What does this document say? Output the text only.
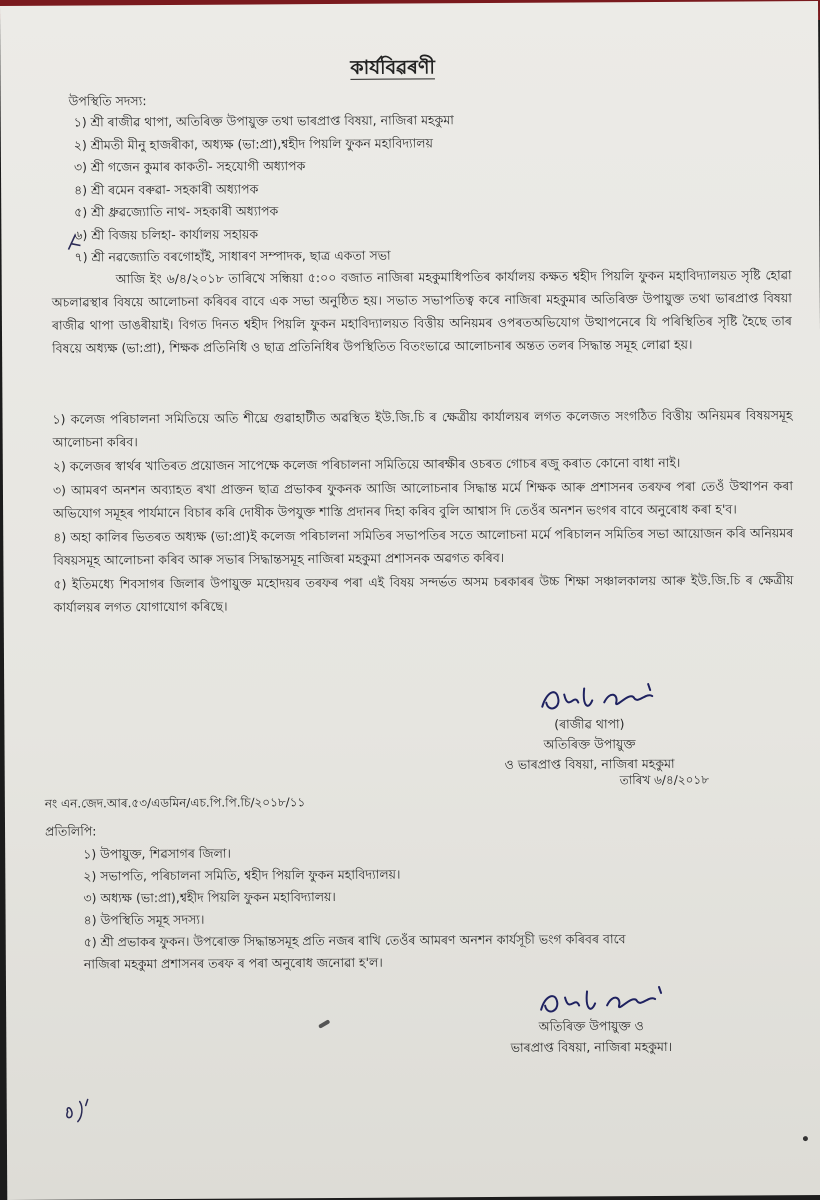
কাৰ্যবিৱৰণী
উপস্থিতি সদস্য:
১) শ্ৰী ৰাজীৱ থাপা, অতিৰিক্ত উপায়ুক্ত তথা ভাৰপ্ৰাপ্ত বিষয়া, নাজিৰা মহকুমা
২) শ্ৰীমতী মীনু হাজৰীকা, অধ্যক্ষ (ভা:প্ৰা),শ্বহীদ পিয়লি ফুকন মহাবিদ্যালয়
৩) শ্ৰী গজেন কুমাৰ কাকতী- সহযোগী অধ্যাপক
৪) শ্ৰী ৰমেন বৰুৱা- সহকাৰী অধ্যাপক
৫) শ্ৰী ধ্ৰুৱজ্যোতি নাথ- সহকাৰী অধ্যাপক
৬) শ্ৰী বিজয় চলিহা- কাৰ্যালয় সহায়ক
৭) শ্ৰী নৱজ্যোতি বৰগোহাঁই, সাধাৰণ সম্পাদক, ছাত্ৰ একতা সভা
আজি ইং ৬/৪/২০১৮ তাৰিখে সন্ধিয়া ৫:০০ বজাত নাজিৰা মহকুমাধিপতিৰ কাৰ্যালয় কক্ষত শ্বহীদ পিয়লি ফুকন মহাবিদ্যালয়ত সৃষ্টি হোৱা অচলাৱস্থাৰ বিষয়ে আলোচনা কৰিবৰ বাবে এক সভা অনুষ্ঠিত হয়। সভাত সভাপতিত্ব কৰে নাজিৰা মহকুমাৰ অতিৰিক্ত উপায়ুক্ত তথা ভাৰপ্ৰাপ্ত বিষয়া ৰাজীৱ থাপা ডাঙৰীয়াই। বিগত দিনত শ্বহীদ পিয়লি ফুকন মহাবিদ্যালয়ত বিত্তীয় অনিয়মৰ ওপৰতঅভিযোগ উত্থাপনেৰে যি পৰিস্থিতিৰ সৃষ্টি হৈছে তাৰ বিষয়ে অধ্যক্ষ (ভা:প্ৰা), শিক্ষক প্ৰতিনিধি ও ছাত্ৰ প্ৰতিনিধিৰ উপস্থিতিত বিতংভাৱে আলোচনাৰ অন্তত তলৰ সিদ্ধান্ত সমূহ লোৱা হয়।

১) কলেজ পৰিচালনা সমিতিয়ে অতি শীঘ্ৰে গুৱাহাটীত অৱস্থিত ইউ.জি.চি ৰ ক্ষেত্ৰীয় কাৰ্যালয়ৰ লগত কলেজত সংগঠিত বিত্তীয় অনিয়মৰ বিষয়সমূহ আলোচনা কৰিব।

২) কলেজৰ স্বাৰ্থৰ খাতিৰত প্ৰয়োজন সাপেক্ষে কলেজ পৰিচালনা সমিতিয়ে আৰক্ষীৰ ওচৰত গোচৰ ৰজু কৰাত কোনো বাধা নাই।

৩) আমৰণ অনশন অব্যাহত ৰখা প্ৰাক্তন ছাত্ৰ প্ৰভাকৰ ফুকনক আজি আলোচনাৰ সিদ্ধান্ত মৰ্মে শিক্ষক আৰু প্ৰশাসনৰ তৰফৰ পৰা তেওঁ উত্থাপন কৰা অভিযোগ সমূহৰ পাৰ্যমানে বিচাৰ কৰি দোষীক উপযুক্ত শাস্তি প্ৰদানৰ দিহা কৰিব বুলি আশ্বাস দি তেওঁৰ অনশন ভংগৰ বাবে অনুৰোধ কৰা হ'ব।

৪) অহা কালিৰ ভিতৰত অধ্যক্ষ (ভা:প্ৰা)ই কলেজ পৰিচালনা সমিতিৰ সভাপতিৰ সতে আলোচনা মৰ্মে পৰিচালন সমিতিৰ সভা আয়োজন কৰি অনিয়মৰ বিষয়সমূহ আলোচনা কৰিব আৰু সভাৰ সিদ্ধান্তসমূহ নাজিৰা মহকুমা প্ৰশাসনক অৱগত কৰিব।

৫) ইতিমধ্যে শিবসাগৰ জিলাৰ উপায়ুক্ত মহোদয়ৰ তৰফৰ পৰা এই বিষয় সন্দৰ্ভত অসম চৰকাৰৰ উচ্চ শিক্ষা সঞ্চালকালয় আৰু ইউ.জি.চি ৰ ক্ষেত্ৰীয় কাৰ্যালয়ৰ লগত যোগাযোগ কৰিছে।

(ৰাজীৱ থাপা)
অতিৰিক্ত উপায়ুক্ত
ও ভাৰপ্ৰাপ্ত বিষয়া, নাজিৰা মহকুমা
নং এন.জেদ.আৰ.৫৩/এডমিন/এচ.পি.পি.চি/২০১৮/১১
তাৰিখ ৬/৪/২০১৮
প্ৰতিলিপি:
১) উপায়ুক্ত, শিৱসাগৰ জিলা।
২) সভাপতি, পৰিচালনা সমিতি, শ্বহীদ পিয়লি ফুকন মহাবিদ্যালয়।
৩) অধ্যক্ষ (ভা:প্ৰা),শ্বহীদ পিয়লি ফুকন মহাবিদ্যালয়।
৪) উপস্থিতি সমূহ সদস্য।
৫) শ্ৰী প্ৰভাকৰ ফুকন। উপৰোক্ত সিদ্ধান্তসমূহ প্ৰতি নজৰ ৰাখি তেওঁৰ আমৰণ অনশন কাৰ্যসূচী ভংগ কৰিবৰ বাবে
নাজিৰা মহকুমা প্ৰশাসনৰ তৰফ ৰ পৰা অনুৰোধ জনোৱা হ'ল।
অতিৰিক্ত উপায়ুক্ত ও
ভাৰপ্ৰাপ্ত বিষয়া, নাজিৰা মহকুমা।
